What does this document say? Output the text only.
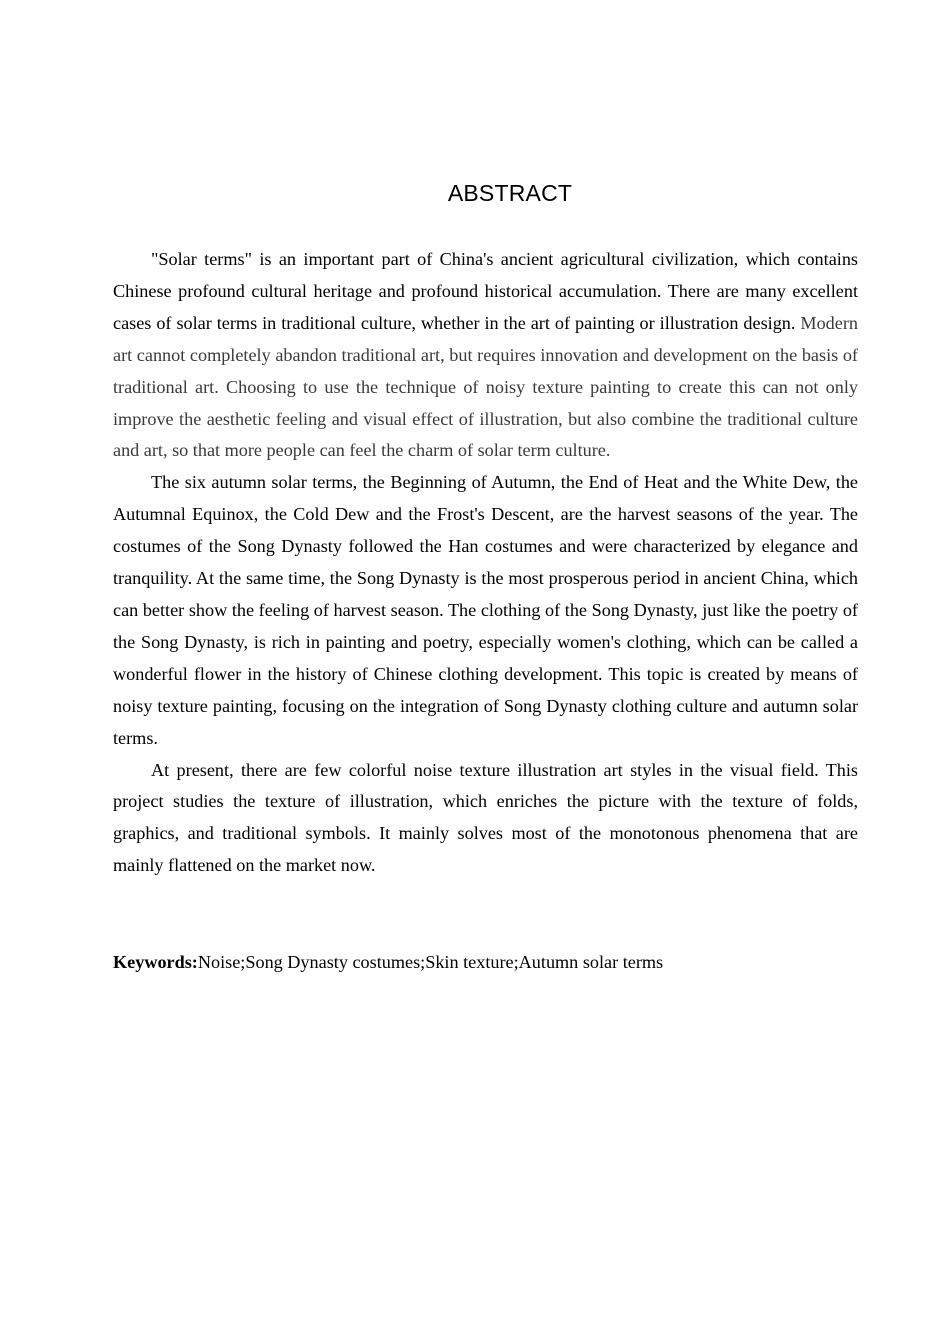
ABSTRACT

"Solar terms" is an important part of China's ancient agricultural civilization, which contains Chinese profound cultural heritage and profound historical accumulation. There are many excellent cases of solar terms in traditional culture, whether in the art of painting or illustration design. Modern art cannot completely abandon traditional art, but requires innovation and development on the basis of traditional art. Choosing to use the technique of noisy texture painting to create this can not only improve the aesthetic feeling and visual effect of illustration, but also combine the traditional culture and art, so that more people can feel the charm of solar term culture.

The six autumn solar terms, the Beginning of Autumn, the End of Heat and the White Dew, the Autumnal Equinox, the Cold Dew and the Frost's Descent, are the harvest seasons of the year. The costumes of the Song Dynasty followed the Han costumes and were characterized by elegance and tranquility. At the same time, the Song Dynasty is the most prosperous period in ancient China, which can better show the feeling of harvest season. The clothing of the Song Dynasty, just like the poetry of the Song Dynasty, is rich in painting and poetry, especially women's clothing, which can be called a wonderful flower in the history of Chinese clothing development. This topic is created by means of noisy texture painting, focusing on the integration of Song Dynasty clothing culture and autumn solar terms.

At present, there are few colorful noise texture illustration art styles in the visual field. This project studies the texture of illustration, which enriches the picture with the texture of folds, graphics, and traditional symbols. It mainly solves most of the monotonous phenomena that are mainly flattened on the market now.

Keywords:Noise;Song Dynasty costumes;Skin texture;Autumn solar terms
